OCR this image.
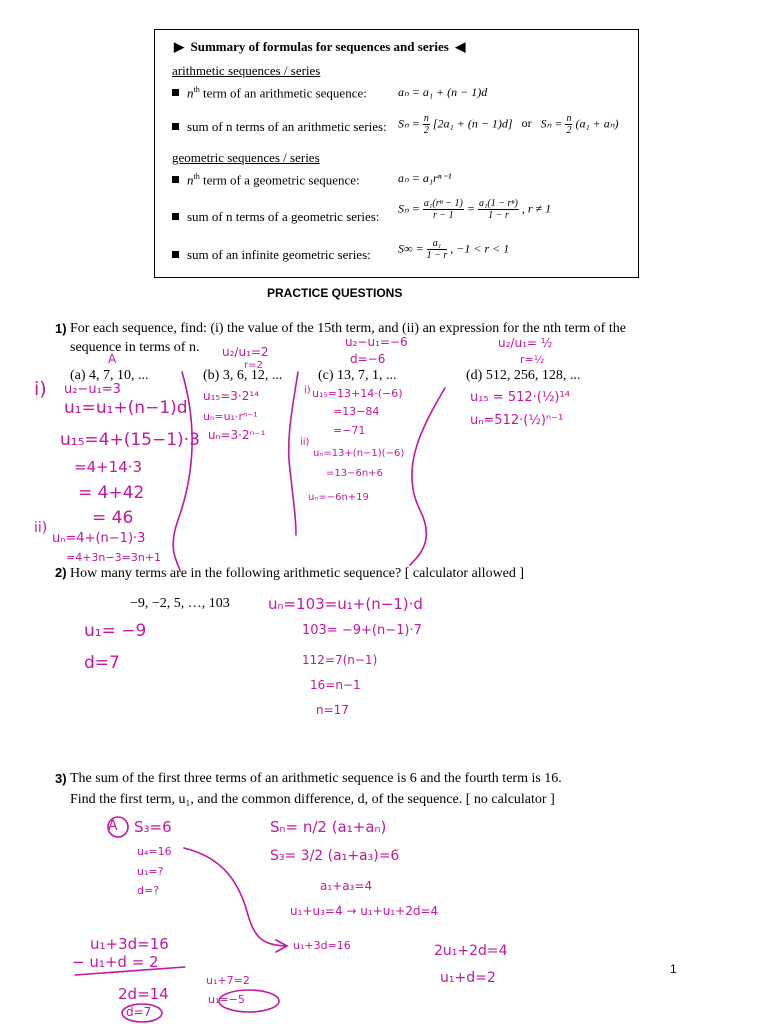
▶ Summary of formulas for sequences and series ◀
arithmetic sequences / series
$n^{th}$ term of an arithmetic sequence:	aₙ = a₁ + (n − 1)d
sum of n terms of an arithmetic series: $S_n = \frac{n}{2} [2a_1 + (n - 1)d]$ or $S_n = \frac{n}{2} (a_1 + a_n)$
geometric sequences / series
$n^{th}$ term of a geometric sequence:	aₙ = a₁rⁿ⁻¹
sum of n terms of a geometric series:
$S_n = \frac{\text{a₁(rⁿ − 1)}}{r - 1} = \frac{\text{a₁(1 − rⁿ)}}{1 - r}$ , r ≠ 1
sum of an infinite geometric series: $S\infty = \frac{\text{a₁}}{1 - r}$ , −1 < r < 1
PRACTICE QUESTIONS
1) For each sequence, find: (i) the value of the 15th term, and (ii) an expression for the nth term of the
sequence in terms of n.
(a) 4, 7, 10, ...	(b) 3, 6, 12, ...	(c) 13, 7, 1, ...	(d) 512, 256, 128, ...
2) How many terms are in the following arithmetic sequence? [ calculator allowed ]
−9, −2, 5, …, 103
3) The sum of the first three terms of an arithmetic sequence is 6 and the fourth term is 16.
Find the first term, u₁, and the common difference, d, of the sequence. [ no calculator ]
1
A
i) u₂−u₁=3
u₁=u₁+(n−1)d
u₁₅=4+(15−1)·3
=4+14·3
= 4+42
= 46
ii)
uₙ=4+(n−1)·3
=4+3n−3=3n+1
u₂/u₁=2
r=2
u₁₅=3·2¹⁴
uₙ=u₁·rⁿ⁻¹
uₙ=3·2ⁿ⁻¹
u₂−u₁=−6
d=−6
i) u₁₅=13+14·(−6)
=13−84
=−71
ii)
uₙ=13+(n−1)(−6)
=13−6n+6
uₙ=−6n+19
u₂/u₁= ½
r=½
u₁₅ = 512·(½)¹⁴
uₙ=512·(½)ⁿ⁻¹
uₙ=103=u₁+(n−1)·d
103= −9+(n−1)·7
112=7(n−1)
16=n−1
n=17
u₁= −9
d=7
A S₃=6
u₄=16
u₁=?
d=?
Sₙ= n/2 (a₁+aₙ)
S₃= 3/2 (a₁+a₃)=6
a₁+a₃=4
u₁+u₃=4 → u₁+u₁+2d=4
u₁+3d=16	2u₁+2d=4
u₁+d=2
u₁+3d=16
− u₁+d = 2
2d=14
d=7
u₁+7=2
u₁=−5
